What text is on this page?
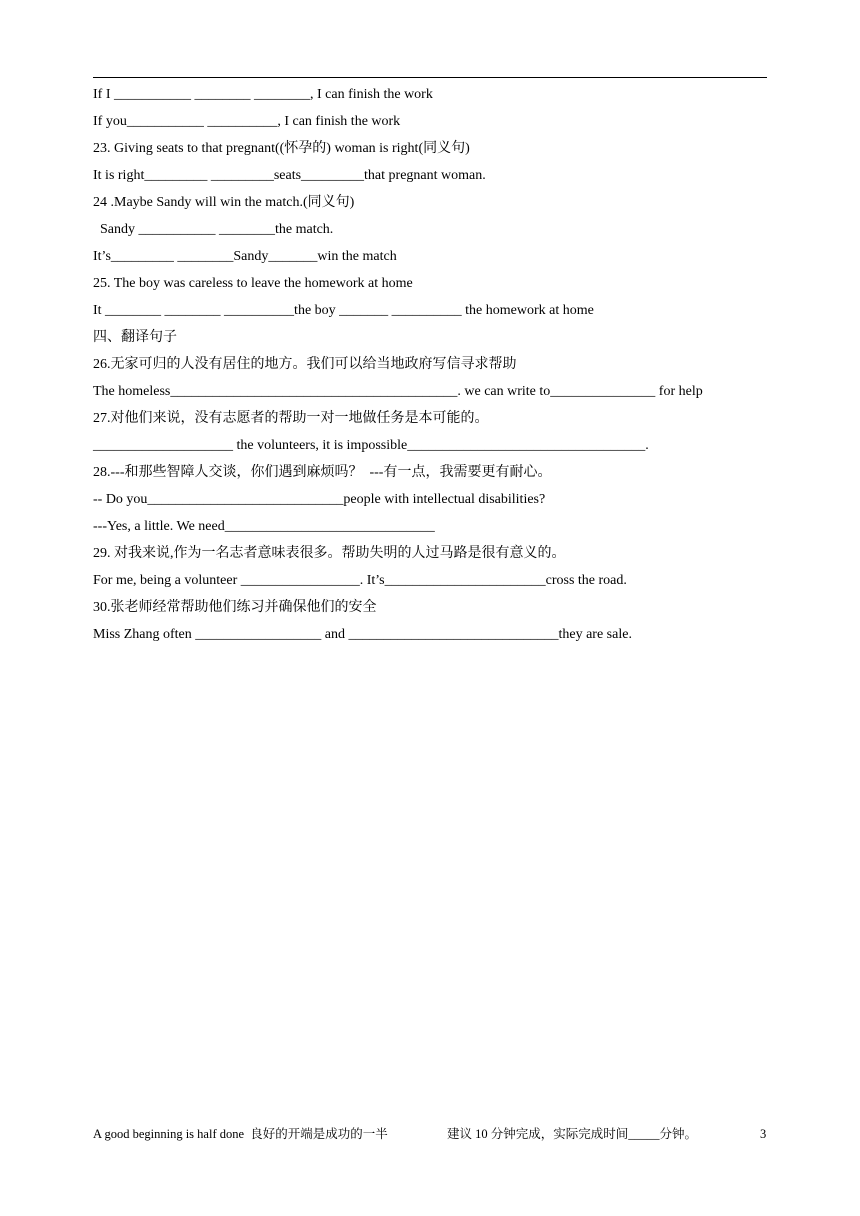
If I ___________ ________ ________, I can finish the work
If you___________ __________, I can finish the work
23. Giving seats to that pregnant((怀孕的) woman is right(同义句)
It is right_________ _________seats_________that pregnant woman.
24 .Maybe Sandy will win the match.(同义句)
Sandy ___________ ________the match.
It’s_________ ________Sandy_______win the match
25. The boy was careless to leave the homework at home
It ________ ________ __________the boy _______ __________ the homework at home
四、翻译句子
26.无家可归的人没有居住的地方。我们可以给当地政府写信寻求帮助
The homeless_________________________________________. we can write to_______________ for help
27.对他们来说，没有志愿者的帮助一对一地做任务是本可能的。
____________________ the volunteers, it is impossible__________________________________.
28.---和那些智障人交谈，你们遇到麻烦吗？  ---有一点，我需要更有耐心。
-- Do you____________________________people with intellectual disabilities?
---Yes, a little. We need______________________________
29. 对我来说,作为一名志者意味表很多。帮助失明的人过马路是很有意义的。
For me, being a volunteer _________________. It’s_______________________cross the road.
30.张老师经常帮助他们练习并确保他们的安全
Miss Zhang often __________________ and ______________________________they are sale.
A good beginning is half done  良好的开端是成功的一半	建议 10 分钟完成，实际完成时间_____分钟。	3
